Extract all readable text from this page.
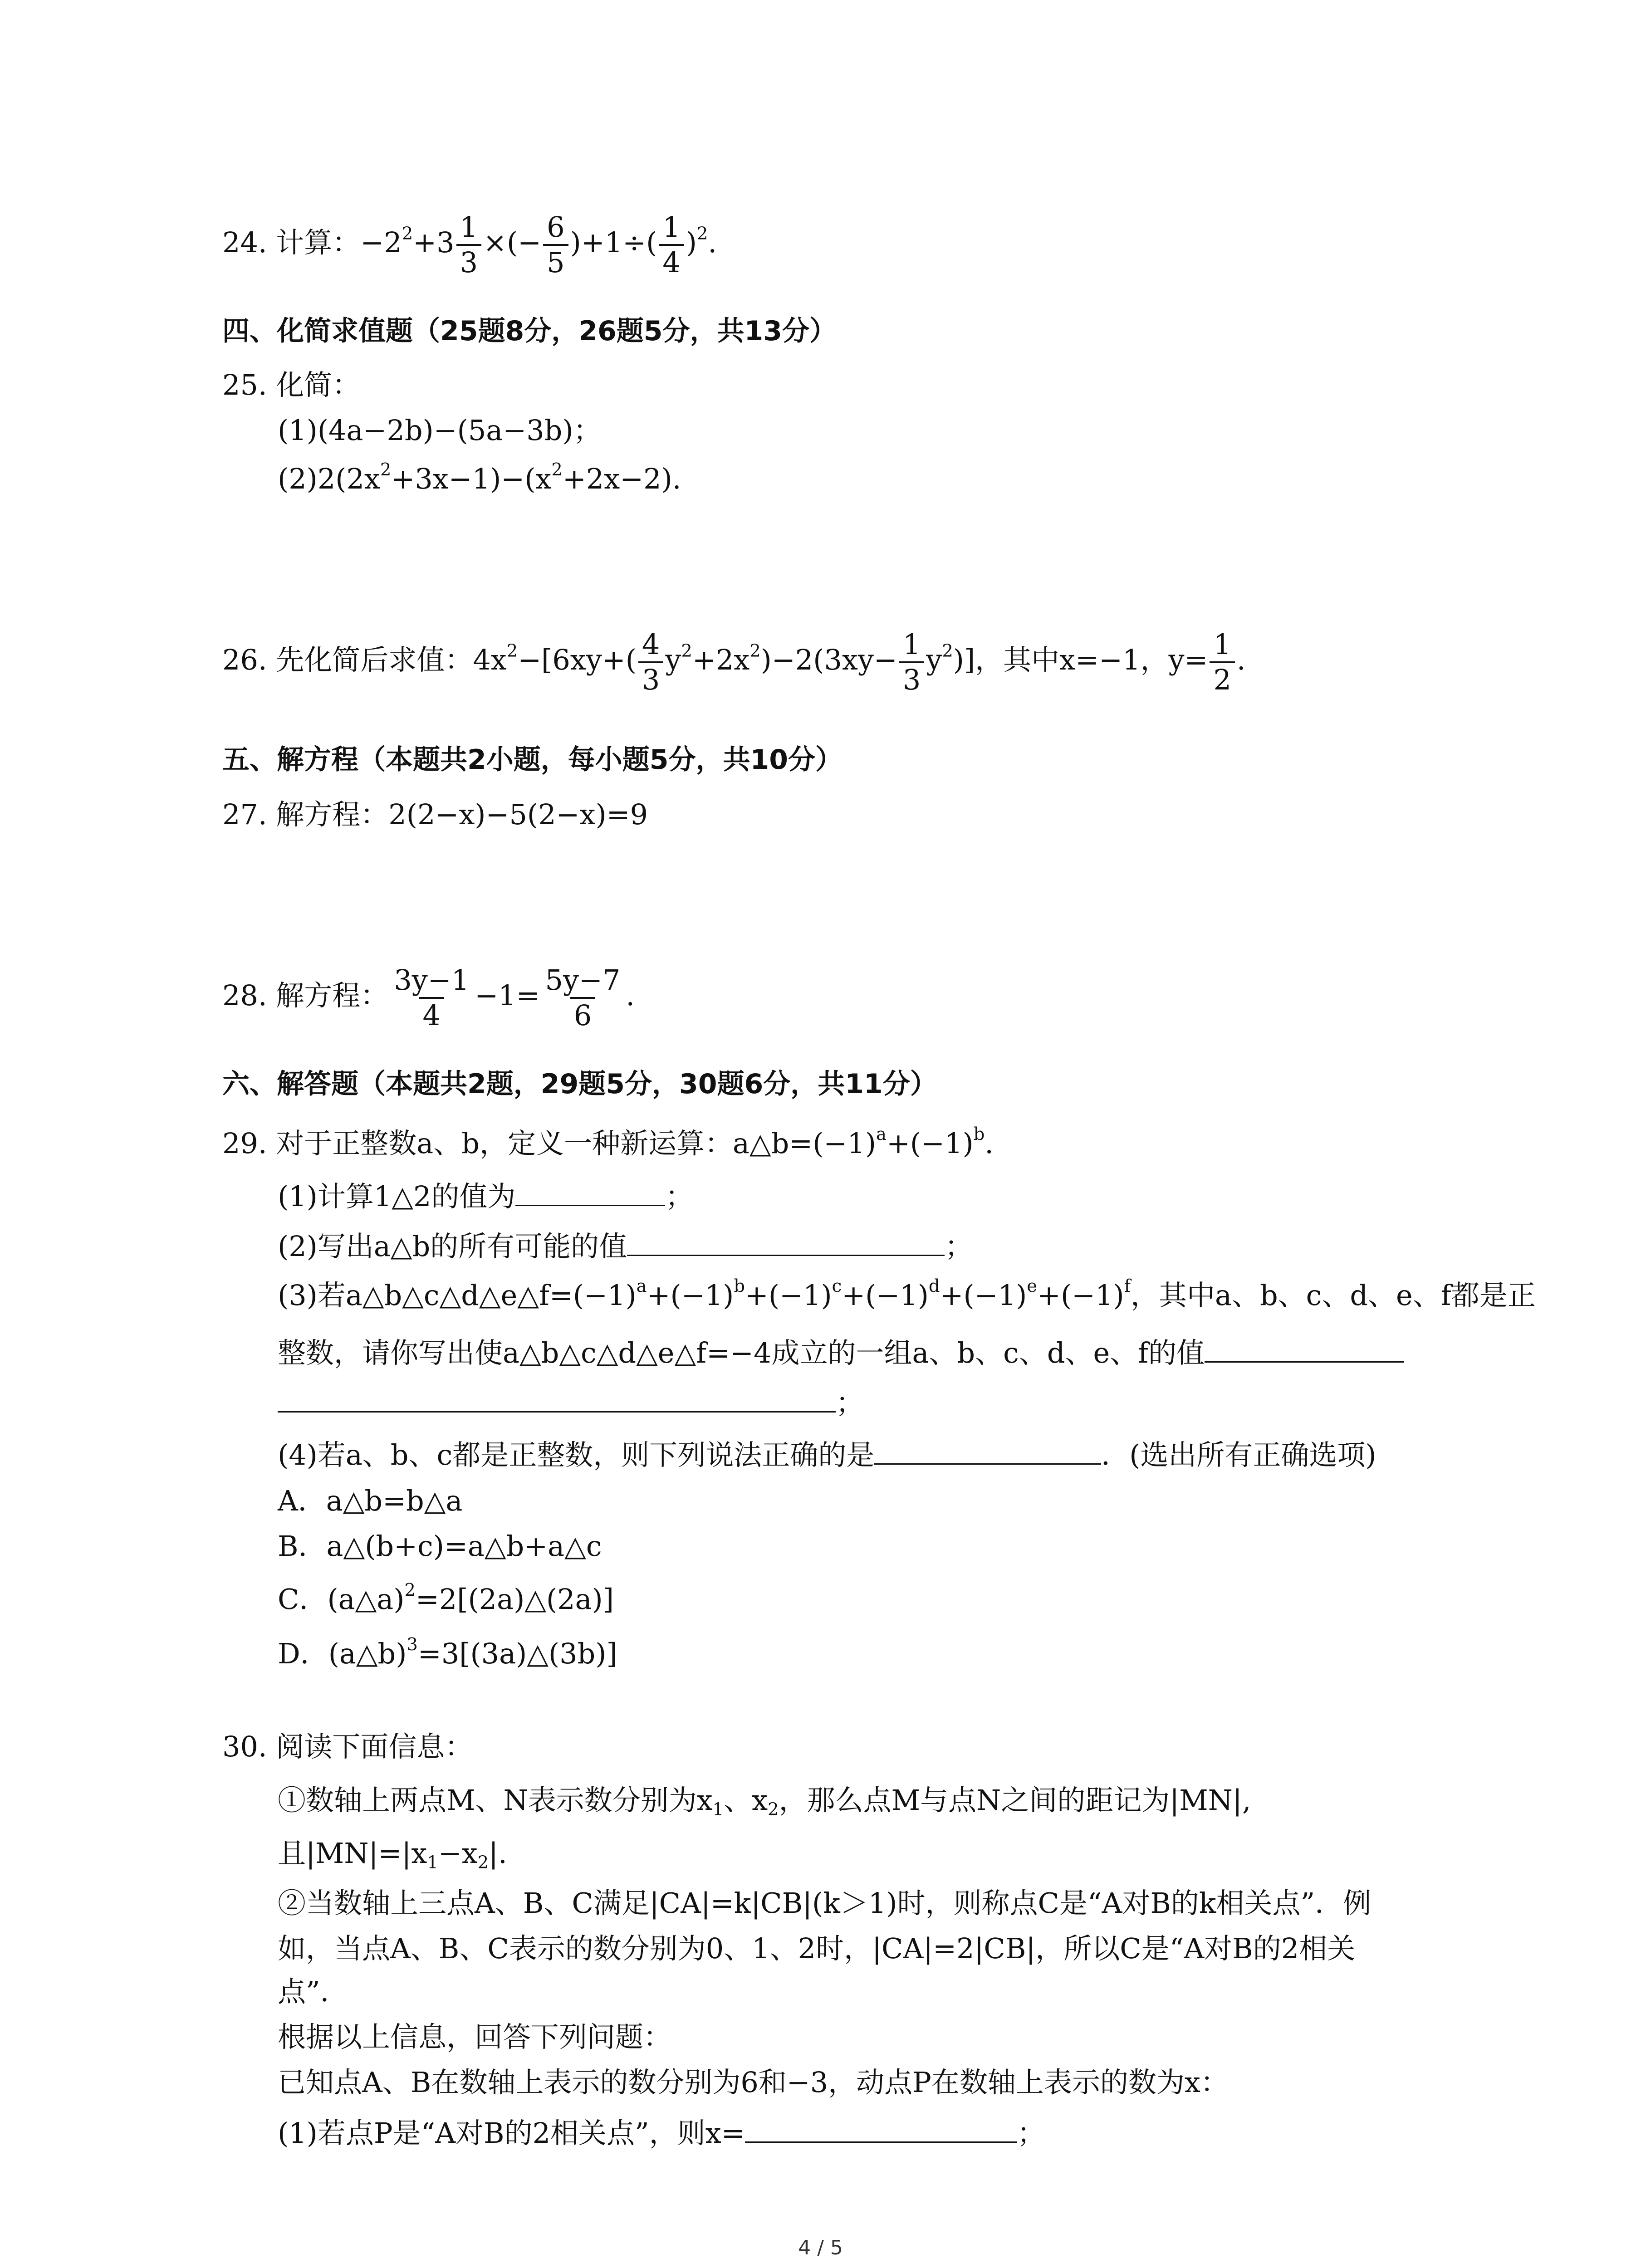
24. 计算：$-2^2+3 \frac{1}{3}$ ×(− $\frac{6}{5} )+1\div( \frac{1}{4} )^2$.
四、化简求值题（25题8分，26题5分，共13分）
25. 化简：
(1)(4a−2b)−(5a−3b)；
$(2)2(2x^2+3x-1)-(x^2+2x-2)$.
26. 先化简后求值：$4x^2-[6xy+( \frac{4}{3} y^2+2x^2)-2(3xy- \frac{1}{3} y^2)]$，其中x=−1，$y= \frac{1}{2}$ .
五、解方程（本题共2小题，每小题5分，共10分）
27. 解方程：2(2−x)−5(2−x)=9
28. 解方程： $\frac{3y-1}{4} -1= \frac{5y-7}{6}$ .
六、解答题（本题共2题，29题5分，30题6分，共11分）
29. 对于正整数a、b，定义一种新运算：$a\triangle b=(-1)^a+(-1)^b$.
(1)计算1△2的值为	；
(2)写出a△b的所有可能的值	；
(3)若$a\triangle b\triangle c\triangle d\triangle e\triangle f=(-1)^a+(-1)^b+(-1)^c+(-1)^d+(-1)^e+(-1)^f$，其中a、b、c、d、e、f都是正
整数，请你写出使a△b△c△d△e△f=−4成立的一组a、b、c、d、e、f的值
；
(4)若a、b、c都是正整数，则下列说法正确的是	．(选出所有正确选项)
A．a△b=b△a
B．a△(b+c)=a△b+a△c
C．(a△a)$^2$=2[(2a)△(2a)]
D．(a△b)$^3$=3[(3a)△(3b)]
30. 阅读下面信息：
①数轴上两点M、N表示数分别为$x_1$、$x_2$，那么点M与点N之间的距记为|MN|,
且$|MN|=|x_1-x_2|$.
②当数轴上三点A、B、C满足|CA|=k|CB|(k＞1)时，则称点C是“A对B的k相关点”．例
如，当点A、B、C表示的数分别为0、1、2时，|CA|=2|CB|，所以C是“A对B的2相关
点”．
根据以上信息，回答下列问题：
已知点A、B在数轴上表示的数分别为6和−3，动点P在数轴上表示的数为x：
(1)若点P是“A对B的2相关点”，则x=	；
4 / 5
